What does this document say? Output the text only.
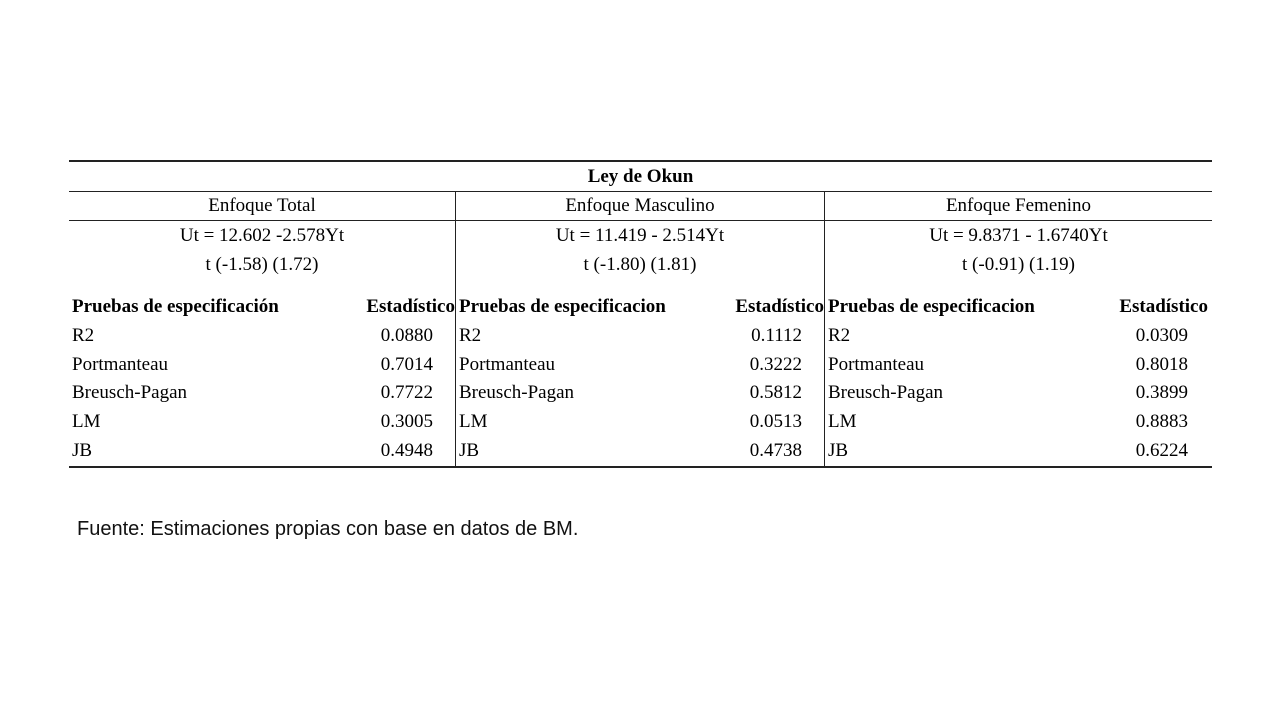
Ley de Okun
Enfoque Total
Ut = 12.602 -2.578Yt
t (-1.58) (1.72)
Pruebas de especificación	Estadístico
R2	0.0880
Portmanteau	0.7014
Breusch-Pagan	0.7722
LM	0.3005
JB	0.4948
Enfoque Masculino
Ut = 11.419 - 2.514Yt
t (-1.80) (1.81)
Pruebas de especificacion	Estadístico
R2	0.1112
Portmanteau	0.3222
Breusch-Pagan	0.5812
LM	0.0513
JB	0.4738
Enfoque Femenino
Ut = 9.8371 - 1.6740Yt
t (-0.91) (1.19)
Pruebas de especificacion	Estadístico
R2	0.0309
Portmanteau	0.8018
Breusch-Pagan	0.3899
LM	0.8883
JB	0.6224
Fuente: Estimaciones propias con base en datos de BM.
